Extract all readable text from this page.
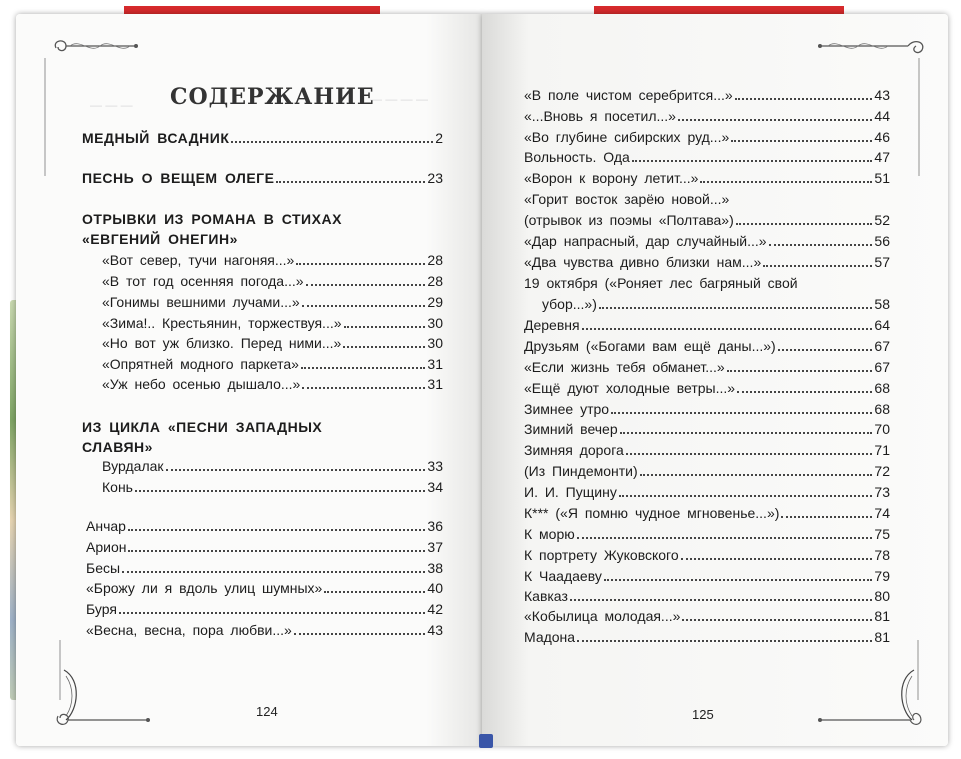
— — — —
— — — СОДЕРЖАНИЕ
МЕДНЫЙ ВСАДНИК	2
ПЕСНЬ О ВЕЩЕМ ОЛЕГЕ	23
ОТРЫВКИ ИЗ РОМАНА В СТИХАХ
«ЕВГЕНИЙ ОНЕГИН»
«Вот север, тучи нагоняя...»	28
«В тот год осенняя погода...»	28
«Гонимы вешними лучами...»	29
«Зима!.. Крестьянин, торжествуя...»	30
«Но вот уж близко. Перед ними...»	30
«Опрятней модного паркета»	31
«Уж небо осенью дышало...»	31
ИЗ ЦИКЛА «ПЕСНИ ЗАПАДНЫХ
СЛАВЯН»
Вурдалак	33
Конь	34
Анчар	36
Арион	37
Бесы	38
«Брожу ли я вдоль улиц шумных»	40
Буря	42
«Весна, весна, пора любви...»	43
124
«В поле чистом серебрится...»	43
«...Вновь я посетил...»	44
«Во глубине сибирских руд...»	46
Вольность. Ода	47
«Ворон к ворону летит...»	51
«Горит восток зарёю новой...»
(отрывок из поэмы «Полтава»)	52
«Дар напрасный, дар случайный...»	56
«Два чувства дивно близки нам...»	57
19 октября («Роняет лес багряный свой
убор...»)	58
Деревня	64
Друзьям («Богами вам ещё даны...»)	67
«Если жизнь тебя обманет...»	67
«Ещё дуют холодные ветры...»	68
Зимнее утро	68
Зимний вечер	70
Зимняя дорога	71
(Из Пиндемонти)	72
И. И. Пущину	73
К*** («Я помню чудное мгновенье...»)	74
К морю	75
К портрету Жуковского	78
К Чаадаеву	79
Кавказ	80
«Кобылица молодая...»	81
Мадона	81
125
